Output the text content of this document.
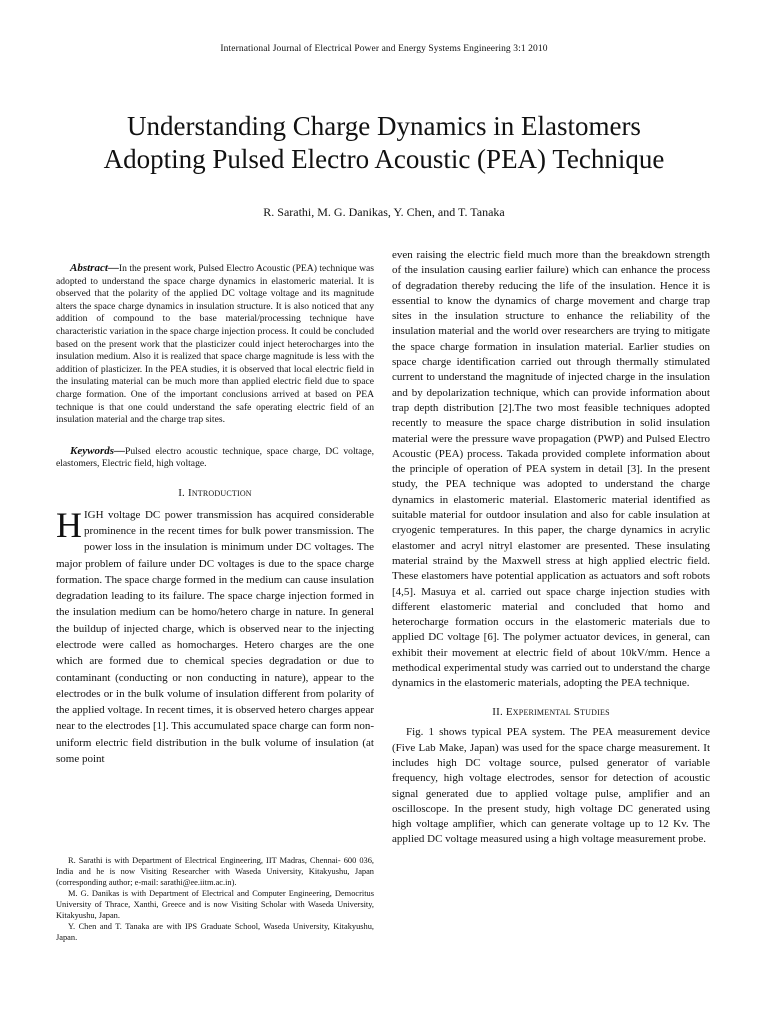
International Journal of Electrical Power and Energy Systems Engineering 3:1 2010
Understanding Charge Dynamics in Elastomers
Adopting Pulsed Electro Acoustic (PEA) Technique
R. Sarathi, M. G. Danikas, Y. Chen, and T. Tanaka

Abstract—In the present work, Pulsed Electro Acoustic (PEA) technique was adopted to understand the space charge dynamics in elastomeric material. It is observed that the polarity of the applied DC voltage voltage and its magnitude alters the space charge dynamics in insulation structure. It is also noticed that any addition of compound to the base material/processing technique have characteristic variation in the space charge injection process. It could be concluded based on the present work that the plasticizer could inject heterocharges into the insulation medium. Also it is realized that space charge magnitude is less with the addition of plasticizer. In the PEA studies, it is observed that local electric field in the insulating material can be much more than applied electric field due to space charge formation. One of the important conclusions arrived at based on PEA technique is that one could understand the safe operating electric field of an insulation material and the charge trap sites.

Keywords—Pulsed electro acoustic technique, space charge, DC voltage, elastomers, Electric field, high voltage.

I. Introduction

HIGH voltage DC power transmission has acquired considerable prominence in the recent times for bulk power transmission. The power loss in the insulation is minimum under DC voltages. The major problem of failure under DC voltages is due to the space charge formation. The space charge formed in the medium can cause insulation degradation leading to its failure. The space charge injection formed in the insulation medium can be homo/hetero charge in nature. In general the buildup of injected charge, which is observed near to the injecting electrode were called as homocharges. Hetero charges are the one which are formed due to chemical species degradation or due to contaminant (conducting or non conducting in nature), appear to the electrodes or in the bulk volume of insulation different from polarity of the applied voltage. In recent times, it is observed hetero charges appear near to the electrodes [1]. This accumulated space charge can form non-uniform electric field distribution in the bulk volume of insulation (at some point

R. Sarathi is with Department of Electrical Engineering, IIT Madras, Chennai- 600 036, India and he is now Visiting Researcher with Waseda University, Kitakyushu, Japan (corresponding author; e-mail: sarathi@ee.iitm.ac.in).

M. G. Danikas is with Department of Electrical and Computer Engineering, Democritus University of Thrace, Xanthi, Greece and is now Visiting Scholar with Waseda University, Kitakyushu, Japan.

Y. Chen and T. Tanaka are with IPS Graduate School, Waseda University, Kitakyushu, Japan.

even raising the electric field much more than the breakdown strength of the insulation causing earlier failure) which can enhance the process of degradation thereby reducing the life of the insulation. Hence it is essential to know the dynamics of charge movement and charge trap sites in the insulation structure to enhance the reliability of the insulation material and the world over researchers are trying to mitigate the space charge formation in insulation material. Earlier studies on space charge identification carried out through thermally stimulated current to understand the magnitude of injected charge in the insulation and by depolarization technique, which can provide information about trap depth distribution [2].The two most feasible techniques adopted recently to measure the space charge distribution in solid insulation material were the pressure wave propagation (PWP) and Pulsed Electro Acoustic (PEA) process. Takada provided complete information about the principle of operation of PEA system in detail [3]. In the present study, the PEA technique was adopted to understand the charge dynamics in elastomeric material. Elastomeric material identified as suitable material for outdoor insulation and also for cable insulation at cryogenic temperatures. In this paper, the charge dynamics in acrylic elastomer and acryl nitryl elastomer are presented. These insulating material straind by the Maxwell stress at high applied electric field. These elastomers have potential application as actuators and soft robots [4,5]. Masuya et al. carried out space charge injection studies with different elastomeric material and concluded that homo and heterocharge formation occurs in the elastomeric materials due to applied DC voltage [6]. The polymer actuator devices, in general, can exhibit their movement at electric field of about 10kV/mm. Hence a methodical experimental study was carried out to understand the charge dynamics in the elastomeric materials, adopting the PEA technique.

II. Experimental Studies

Fig. 1 shows typical PEA system. The PEA measurement device (Five Lab Make, Japan) was used for the space charge measurement. It includes high DC voltage source, pulsed generator of variable frequency, high voltage electrodes, sensor for detection of acoustic signal generated due to applied voltage pulse, amplifier and an oscilloscope. In the present study, high voltage DC generated using high voltage amplifier, which can generate voltage up to 12 Kv. The applied DC voltage measured using a high voltage measurement probe.
